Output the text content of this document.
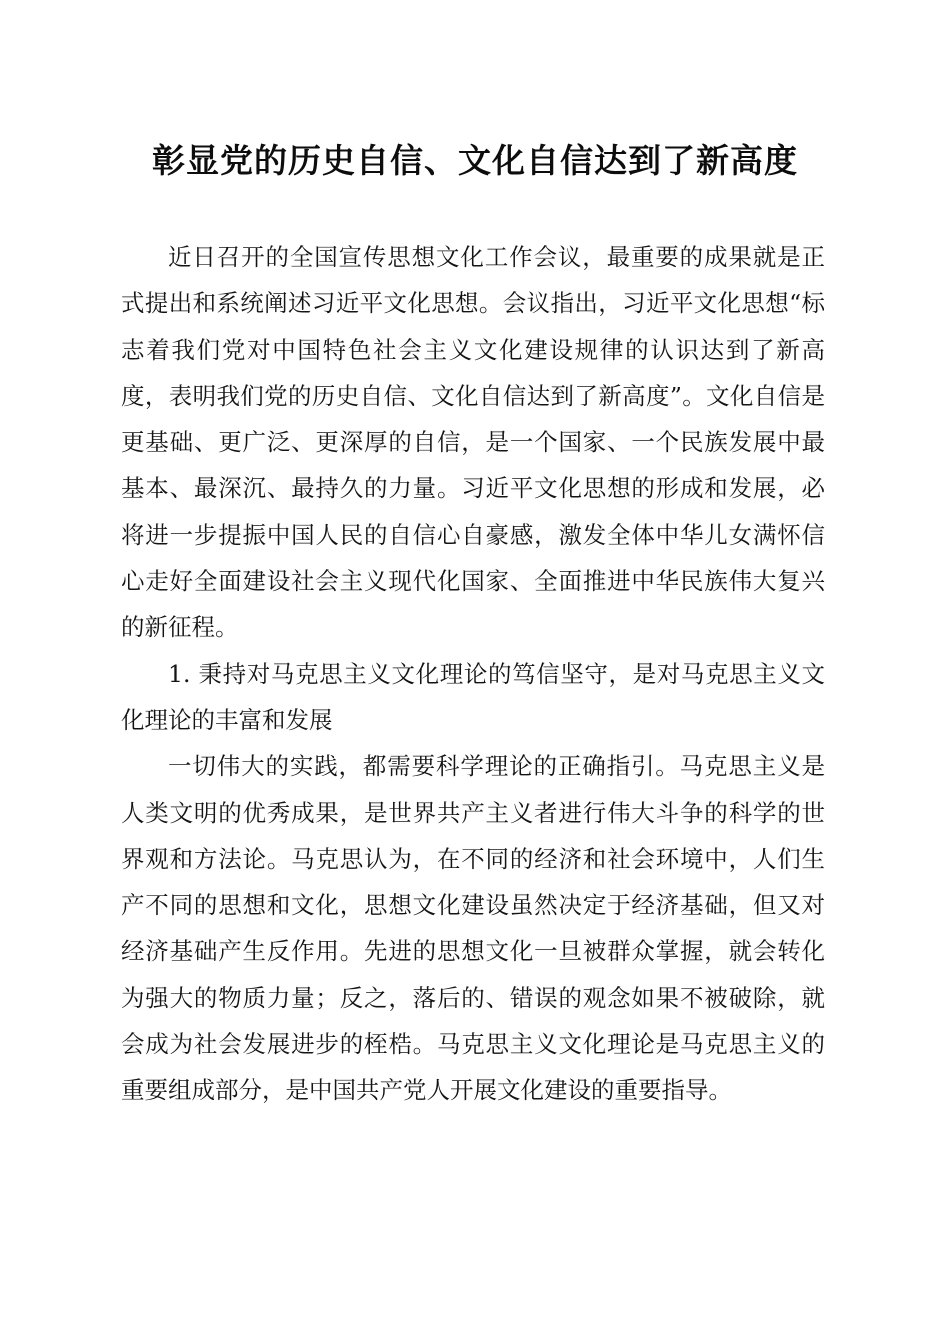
彰显党的历史自信、文化自信达到了新高度

近日召开的全国宣传思想文化工作会议，最重要的成果就是正式提出和系统阐述习近平文化思想。会议指出，习近平文化思想“标志着我们党对中国特色社会主义文化建设规律的认识达到了新高度，表明我们党的历史自信、文化自信达到了新高度”。文化自信是更基础、更广泛、更深厚的自信，是一个国家、一个民族发展中最基本、最深沉、最持久的力量。习近平文化思想的形成和发展，必将进一步提振中国人民的自信心自豪感，激发全体中华儿女满怀信心走好全面建设社会主义现代化国家、全面推进中华民族伟大复兴的新征程。

1. 秉持对马克思主义文化理论的笃信坚守，是对马克思主义文化理论的丰富和发展

一切伟大的实践，都需要科学理论的正确指引。马克思主义是人类文明的优秀成果，是世界共产主义者进行伟大斗争的科学的世界观和方法论。马克思认为，在不同的经济和社会环境中，人们生产不同的思想和文化，思想文化建设虽然决定于经济基础，但又对经济基础产生反作用。先进的思想文化一旦被群众掌握，就会转化为强大的物质力量；反之，落后的、错误的观念如果不被破除，就会成为社会发展进步的桎梏。马克思主义文化理论是马克思主义的重要组成部分，是中国共产党人开展文化建设的重要指导。
